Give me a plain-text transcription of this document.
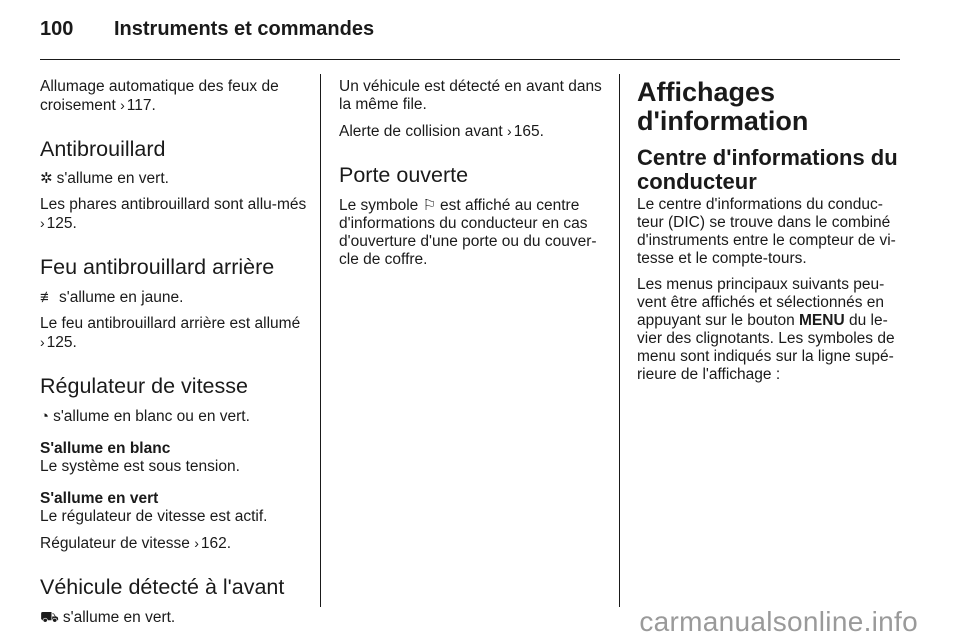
100 Instruments et commandes

Allumage automatique des feux de croisement › 117.

Antibrouillard

✲ s'allume en vert.

Les phares antibrouillard sont allu-més › 125.

Feu antibrouillard arrière

≢ s'allume en jaune.

Le feu antibrouillard arrière est allumé › 125.

Régulateur de vitesse

◔ s'allume en blanc ou en vert.

S'allume en blanc

Le système est sous tension.

S'allume en vert

Le régulateur de vitesse est actif.

Régulateur de vitesse › 162.

Véhicule détecté à l'avant

⛟ s'allume en vert.

Un véhicule est détecté en avant dans la même file.

Alerte de collision avant › 165.

Porte ouverte

Le symbole ⚐ est affiché au centre d'informations du conducteur en cas d'ouverture d'une porte ou du couver-cle de coffre.

Affichages d'information
Centre d'informations du conducteur

Le centre d'informations du conduc-teur (DIC) se trouve dans le combiné d'instruments entre le compteur de vi-tesse et le compte-tours.

Les menus principaux suivants peu-vent être affichés et sélectionnés en appuyant sur le bouton MENU du le-vier des clignotants. Les symboles de menu sont indiqués sur la ligne supé-rieure de l'affichage :

carmanualsonline.info
